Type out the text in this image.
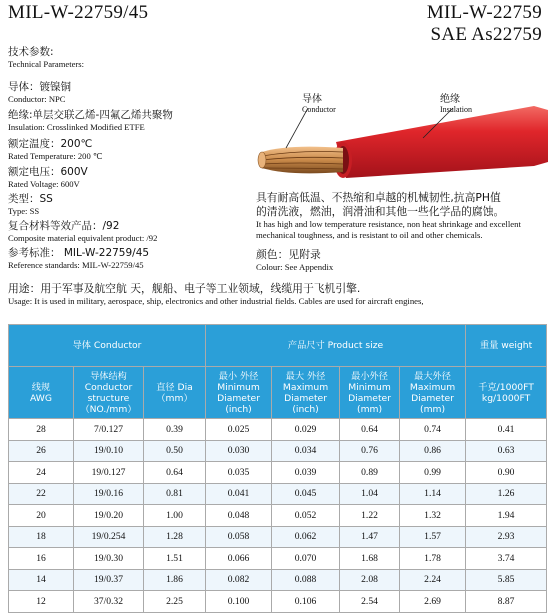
MIL-W-22759/45	MIL-W-22759
SAE As22759
技术参数:
Technical Parameters:
导体：镀镍铜
Conductor: NPC
绝缘:单层交联乙烯-四氟乙烯共聚物
Insulation: Crosslinked Modified ETFE
额定温度：200℃
Rated Temperature: 200 ℃
额定电压：600V
Rated Voltage: 600V
类型：SS
Type: SS
复合材料等效产品：/92
Composite material equivalent product: /92
参考标准： MIL-W-22759/45
Reference standards: MIL-W-22759/45
导体
Conductor
绝缘
Insulation
具有耐高低温、不热缩和卓越的机械韧性,抗高PH值
的清洗液，燃油，润滑油和其他一些化学品的腐蚀。
It has high and low temperature resistance, non heat shrinkage and excellent mechanical toughness, and is resistant to oil and other chemicals.
颜色：见附录
Colour: See Appendix
用途：用于军事及航空航 天，舰船、电子等工业领域，线缆用于飞机引擎.
Usage: It is used in military, aerospace, ship, electronics and other industrial fields. Cables are used for aircraft engines,
导体 Conductor			产品尺寸 Product size				重量 weight
线规
AWG	导体结构
Conductor
structure
（NO./mm）	直径 Dia
（mm）	最小 外径
Minimum
Diameter
(inch)	最大 外径
Maximum
Diameter
(inch)	最小外径
Minimum
Diameter
(mm)	最大外径
Maximum
Diameter
(mm)	千克/1000FT
kg/1000FT
28	7/0.127	0.39	0.025	0.029	0.64	0.74	0.41
26	19/0.10	0.50	0.030	0.034	0.76	0.86	0.63
24	19/0.127	0.64	0.035	0.039	0.89	0.99	0.90
22	19/0.16	0.81	0.041	0.045	1.04	1.14	1.26
20	19/0.20	1.00	0.048	0.052	1.22	1.32	1.94
18	19/0.254	1.28	0.058	0.062	1.47	1.57	2.93
16	19/0.30	1.51	0.066	0.070	1.68	1.78	3.74
14	19/0.37	1.86	0.082	0.088	2.08	2.24	5.85
12	37/0.32	2.25	0.100	0.106	2.54	2.69	8.87
